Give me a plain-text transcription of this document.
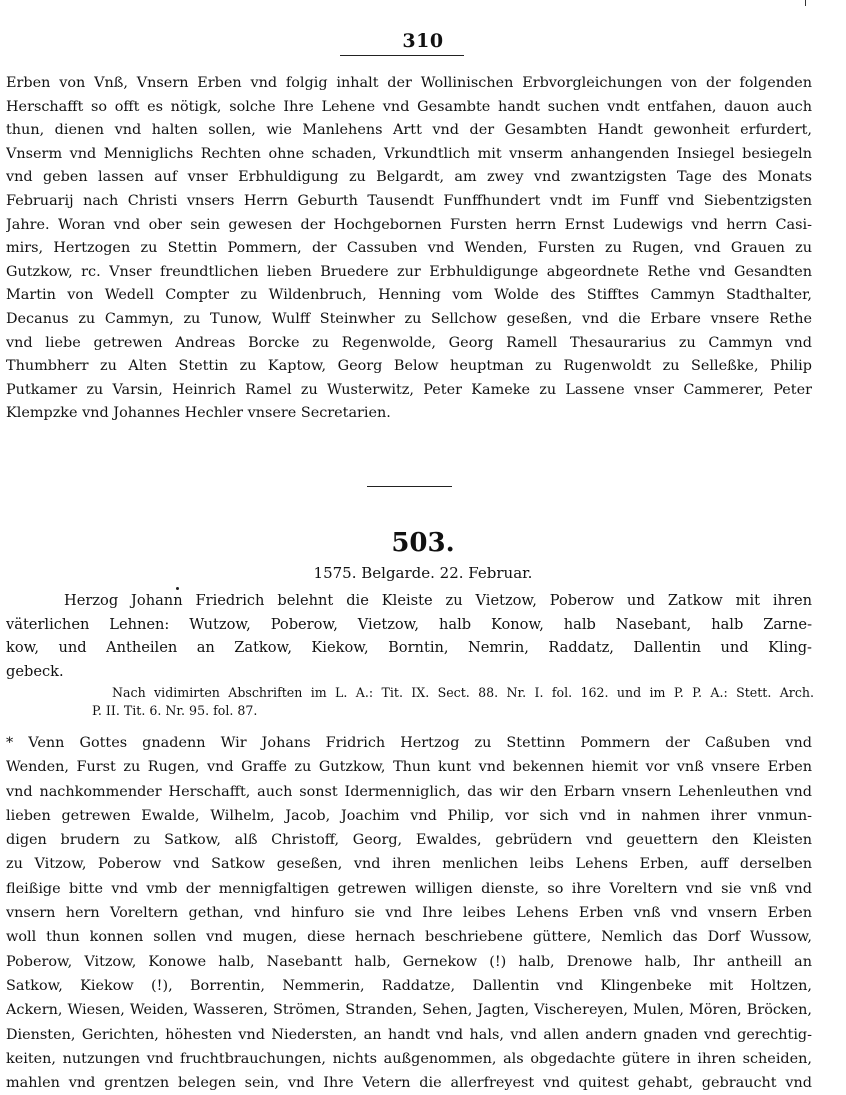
310
Erben von Vnß, Vnsern Erben vnd folgig inhalt der Wollinischen Erbvorgleichungen von der folgenden
Herschafft so offt es nötigk, solche Ihre Lehene vnd Gesambte handt suchen vndt entfahen, dauon auch
thun, dienen vnd halten sollen, wie Manlehens Artt vnd der Gesambten Handt gewonheit erfurdert,
Vnserm vnd Menniglichs Rechten ohne schaden, Vrkundtlich mit vnserm anhangenden Insiegel besiegeln
vnd geben lassen auf vnser Erbhuldigung zu Belgardt, am zwey vnd zwantzigsten Tage des Monats
Februarij nach Christi vnsers Herrn Geburth Tausendt Funffhundert vndt im Funff vnd Siebentzigsten
Jahre. Woran vnd ober sein gewesen der Hochgebornen Fursten herrn Ernst Ludewigs vnd herrn Casi-
mirs, Hertzogen zu Stettin Pommern, der Cassuben vnd Wenden, Fursten zu Rugen, vnd Grauen zu
Gutzkow, rc. Vnser freundtlichen lieben Bruedere zur Erbhuldigunge abgeordnete Rethe vnd Gesandten
Martin von Wedell Compter zu Wildenbruch, Henning vom Wolde des Stifftes Cammyn Stadthalter,
Decanus zu Cammyn, zu Tunow, Wulff Steinwher zu Sellchow geseßen, vnd die Erbare vnsere Rethe
vnd liebe getrewen Andreas Borcke zu Regenwolde, Georg Ramell Thesaurarius zu Cammyn vnd
Thumbherr zu Alten Stettin zu Kaptow, Georg Below heuptman zu Rugenwoldt zu Selleßke, Philip
Putkamer zu Varsin, Heinrich Ramel zu Wusterwitz, Peter Kameke zu Lassene vnser Cammerer, Peter
Klempzke vnd Johannes Hechler vnsere Secretarien.
503.
1575. Belgarde. 22. Februar.
Herzog Johann Friedrich belehnt die Kleiste zu Vietzow, Poberow und Zatkow mit ihren
väterlichen Lehnen: Wutzow, Poberow, Vietzow, halb Konow, halb Nasebant, halb Zarne-
kow, und Antheilen an Zatkow, Kiekow, Borntin, Nemrin, Raddatz, Dallentin und Kling-
gebeck.
Nach vidimirten Abschriften im L. A.: Tit. IX. Sect. 88. Nr. I. fol. 162. und im P. P. A.: Stett. Arch.
P. II. Tit. 6. Nr. 95. fol. 87.
* Venn Gottes gnadenn Wir Johans Fridrich Hertzog zu Stettinn Pommern der Caßuben vnd
Wenden, Furst zu Rugen, vnd Graffe zu Gutzkow, Thun kunt vnd bekennen hiemit vor vnß vnsere Erben
vnd nachkommender Herschafft, auch sonst Idermenniglich, das wir den Erbarn vnsern Lehenleuthen vnd
lieben getrewen Ewalde, Wilhelm, Jacob, Joachim vnd Philip, vor sich vnd in nahmen ihrer vnmun-
digen brudern zu Satkow, alß Christoff, Georg, Ewaldes, gebrüdern vnd geuettern den Kleisten
zu Vitzow, Poberow vnd Satkow geseßen, vnd ihren menlichen leibs Lehens Erben, auff derselben
fleißige bitte vnd vmb der mennigfaltigen getrewen willigen dienste, so ihre Voreltern vnd sie vnß vnd
vnsern hern Voreltern gethan, vnd hinfuro sie vnd Ihre leibes Lehens Erben vnß vnd vnsern Erben
woll thun konnen sollen vnd mugen, diese hernach beschriebene güttere, Nemlich das Dorf Wussow,
Poberow, Vitzow, Konowe halb, Nasebantt halb, Gernekow (!) halb, Drenowe halb, Ihr antheill an
Satkow, Kiekow (!), Borrentin, Nemmerin, Raddatze, Dallentin vnd Klingenbeke mit Holtzen,
Ackern, Wiesen, Weiden, Wasseren, Strömen, Stranden, Sehen, Jagten, Vischereyen, Mulen, Mören, Bröcken,
Diensten, Gerichten, höhesten vnd Niedersten, an handt vnd hals, vnd allen andern gnaden vnd gerechtig-
keiten, nutzungen vnd fruchtbrauchungen, nichts außgenommen, als obgedachte gütere in ihren scheiden,
mahlen vnd grentzen belegen sein, vnd Ihre Vetern die allerfreyest vnd quitest gehabt, gebraucht vnd
